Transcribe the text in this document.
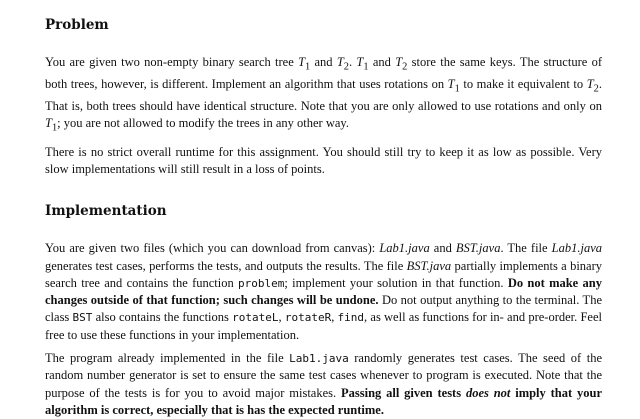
Problem

You are given two non-empty binary search tree $T_1$ and $T_2$. $T_1$ and $T_2$ store the same keys. The structure of both trees, however, is different. Implement an algorithm that uses rotations on $T_1$ to make it equivalent to $T_2$. That is, both trees should have identical structure. Note that you are only allowed to use rotations and only on $T_1$; you are not allowed to modify the trees in any other way.

There is no strict overall runtime for this assignment. You should still try to keep it as low as possible. Very slow implementations will still result in a loss of points.

Implementation

You are given two files (which you can download from canvas): Lab1.java and BST.java. The file Lab1.java generates test cases, performs the tests, and outputs the results. The file BST.java partially implements a binary search tree and contains the function problem; implement your solution in that function. Do not make any changes outside of that function; such changes will be undone. Do not output anything to the terminal. The class BST also contains the functions rotateL, rotateR, find, as well as functions for in- and pre-order. Feel free to use these functions in your implementation.

The program already implemented in the file Lab1.java randomly generates test cases. The seed of the random number generator is set to ensure the same test cases whenever to program is executed. Note that the purpose of the tests is for you to avoid major mistakes. Passing all given tests does not imply that your algorithm is correct, especially that is has the expected runtime.
